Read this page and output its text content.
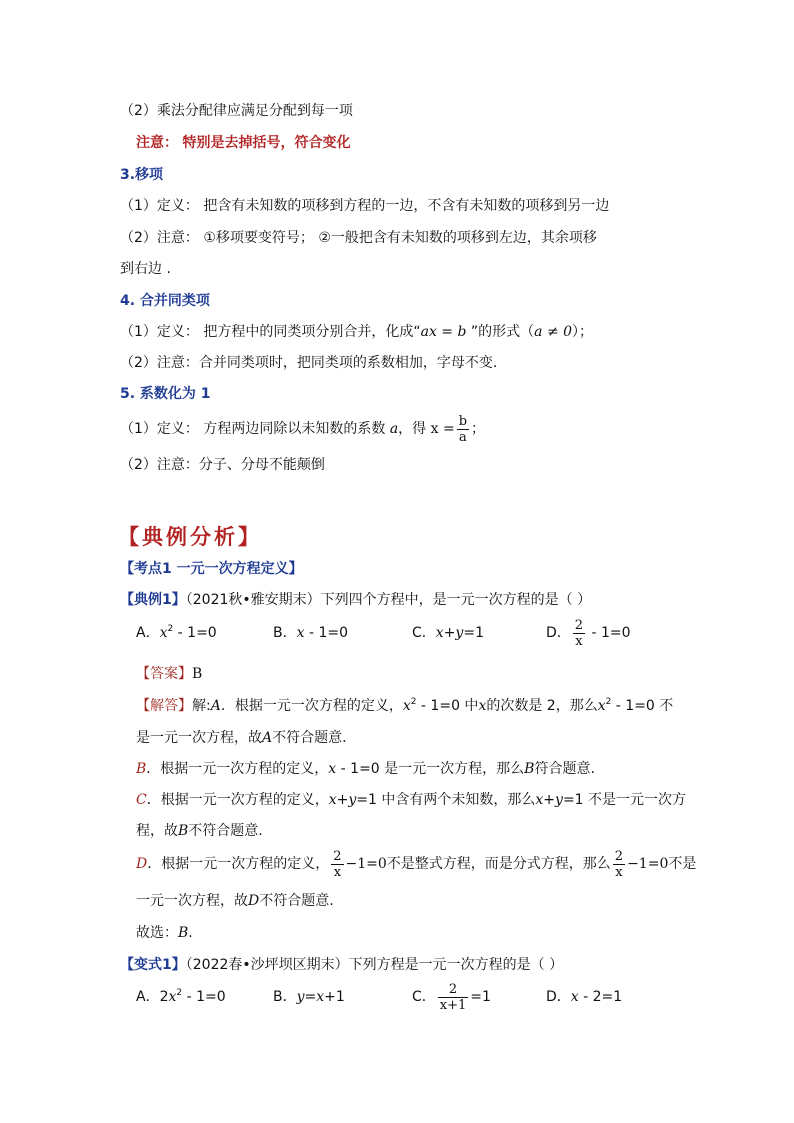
（2）乘法分配律应满足分配到每一项
注意： 特别是去掉括号，符合变化
3.移项
（1）定义： 把含有未知数的项移到方程的一边，不含有未知数的项移到另一边
（2）注意： ①移项要变符号； ②一般把含有未知数的项移到左边，其余项移
到右边 .
4. 合并同类项
（1）定义： 把方程中的同类项分别合并，化成“ax = b ”的形式（a ≠ 0）；
（2）注意：合并同类项时，把同类项的系数相加，字母不变.
5. 系数化为 1
（1）定义： 方程两边同除以未知数的系数 a，得 $x = \frac{b}{a}$ ；
（2）注意：分子、分母不能颠倒
【典例分析】
【考点1 一元一次方程定义】
【典例1】（2021秋•雅安期末）下列四个方程中，是一元一次方程的是（ ）
A．$x^2 - 1=0$	B．x - 1=0	C．x+y=1	D． $\frac{2}{x} - 1=0$
【答案】B
【解答】解:A．根据一元一次方程的定义，$x^2 - 1=0$ 中x的次数是 2，那么$x^2 - 1=0$ 不
是一元一次方程，故A不符合题意.
B．根据一元一次方程的定义，x - 1=0 是一元一次方程，那么B符合题意.
C．根据一元一次方程的定义，x+y=1 中含有两个未知数，那么x+y=1 不是一元一次方
程，故B不符合题意.
D．根据一元一次方程的定义， $\frac{2}{x} -1=0$不是整式方程，而是分式方程，那么 $\frac{2}{x} -1=0$不是
一元一次方程，故D不符合题意.
故选：B.
【变式1】（2022春•沙坪坝区期末）下列方程是一元一次方程的是（ ）
A．$2x^2 - 1=0$	B．y=x+1	C． $\frac{2}{x+1} =1$	D．x - 2=1
